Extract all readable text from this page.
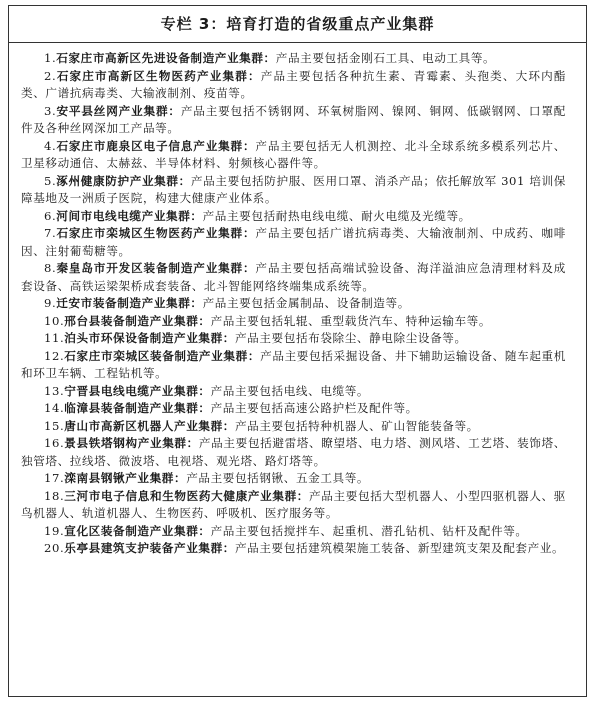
专栏 3：培育打造的省级重点产业集群

1.石家庄市高新区先进设备制造产业集群：产品主要包括金刚石工具、电动工具等。

2.石家庄市高新区生物医药产业集群：产品主要包括各种抗生素、青霉素、头孢类、大环内酯类、广谱抗病毒类、大输液制剂、疫苗等。

3.安平县丝网产业集群：产品主要包括不锈钢网、环氧树脂网、镍网、铜网、低碳钢网、口罩配件及各种丝网深加工产品等。

4.石家庄市鹿泉区电子信息产业集群：产品主要包括无人机测控、北斗全球系统多模系列芯片、卫星移动通信、太赫兹、半导体材料、射频核心器件等。

5.涿州健康防护产业集群：产品主要包括防护服、医用口罩、消杀产品；依托解放军 301 培训保障基地及一洲质子医院，构建大健康产业体系。

6.河间市电线电缆产业集群：产品主要包括耐热电线电缆、耐火电缆及光缆等。

7.石家庄市栾城区生物医药产业集群：产品主要包括广谱抗病毒类、大输液制剂、中成药、咖啡因、注射葡萄糖等。

8.秦皇岛市开发区装备制造产业集群：产品主要包括高端试验设备、海洋溢油应急清理材料及成套设备、高铁运梁架桥成套装备、北斗智能网络终端集成系统等。

9.迁安市装备制造产业集群：产品主要包括金属制品、设备制造等。

10.邢台县装备制造产业集群：产品主要包括轧辊、重型载货汽车、特种运输车等。

11.泊头市环保设备制造产业集群：产品主要包括布袋除尘、静电除尘设备等。

12.石家庄市栾城区装备制造产业集群：产品主要包括采掘设备、井下辅助运输设备、随车起重机和环卫车辆、工程钻机等。

13.宁晋县电线电缆产业集群：产品主要包括电线、电缆等。

14.临漳县装备制造产业集群：产品主要包括高速公路护栏及配件等。

15.唐山市高新区机器人产业集群：产品主要包括特种机器人、矿山智能装备等。

16.景县铁塔钢构产业集群：产品主要包括避雷塔、瞭望塔、电力塔、测风塔、工艺塔、装饰塔、独管塔、拉线塔、微波塔、电视塔、观光塔、路灯塔等。

17.滦南县钢锹产业集群：产品主要包括钢锹、五金工具等。

18.三河市电子信息和生物医药大健康产业集群：产品主要包括大型机器人、小型四驱机器人、驱鸟机器人、轨道机器人、生物医药、呼吸机、医疗服务等。

19.宣化区装备制造产业集群：产品主要包括搅拌车、起重机、潜孔钻机、钻杆及配件等。

20.乐亭县建筑支护装备产业集群：产品主要包括建筑模架施工装备、新型建筑支架及配套产业。
